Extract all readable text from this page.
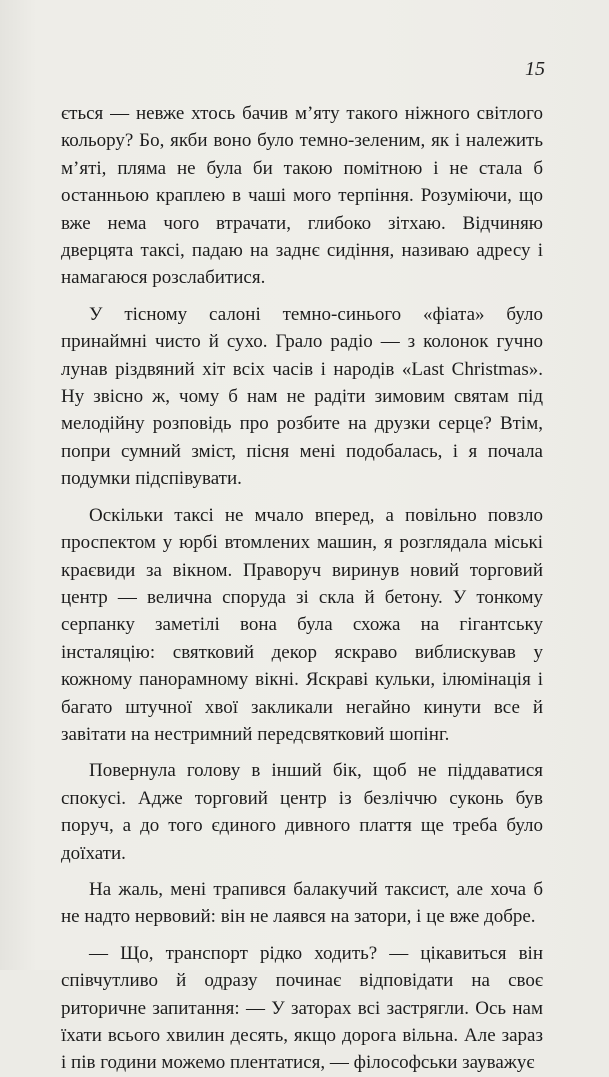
15

ється — невже хтось бачив м’яту такого ніжного світлого кольору? Бо, якби воно було темно-зеленим, як і належить м’яті, пляма не була би такою помітною і не стала б останньою краплею в чаші мого терпіння. Розуміючи, що вже нема чого втрачати, глибоко зітхаю. Відчиняю дверцята таксі, падаю на заднє сидіння, називаю адресу і намагаюся розслабитися.

У тісному салоні темно-синього «фіата» було принаймні чисто й сухо. Грало радіо — з колонок гучно лунав різдвяний хіт всіх часів і народів «Last Christmas». Ну звісно ж, чому б нам не радіти зимовим святам під мелодійну розповідь про розбите на друзки серце? Втім, попри сумний зміст, пісня мені подобалась, і я почала подумки підспівувати.

Оскільки таксі не мчало вперед, а повільно повзло проспектом у юрбі втомлених машин, я розглядала міські краєвиди за вікном. Праворуч виринув новий торговий центр — велична споруда зі скла й бетону. У тонкому серпанку заметілі вона була схожа на гігантську інсталяцію: святковий декор яскраво виблискував у кожному панорамному вікні. Яскраві кульки, ілюмінація і багато штучної хвої закликали негайно кинути все й завітати на нестримний передсвятковий шопінг.

Повернула голову в інший бік, щоб не піддаватися спокусі. Адже торговий центр із безліччю суконь був поруч, а до того єдиного дивного плаття ще треба було доїхати.

На жаль, мені трапився балакучий таксист, але хоча б не надто нервовий: він не лаявся на затори, і це вже добре.

— Що, транспорт рідко ходить? — цікавиться він співчутливо й одразу починає відповідати на своє риторичне запитання: — У заторах всі застрягли. Ось нам їхати всього хвилин десять, якщо дорога вільна. Але зараз і пів години можемо плентатися, — філософськи зауважує
